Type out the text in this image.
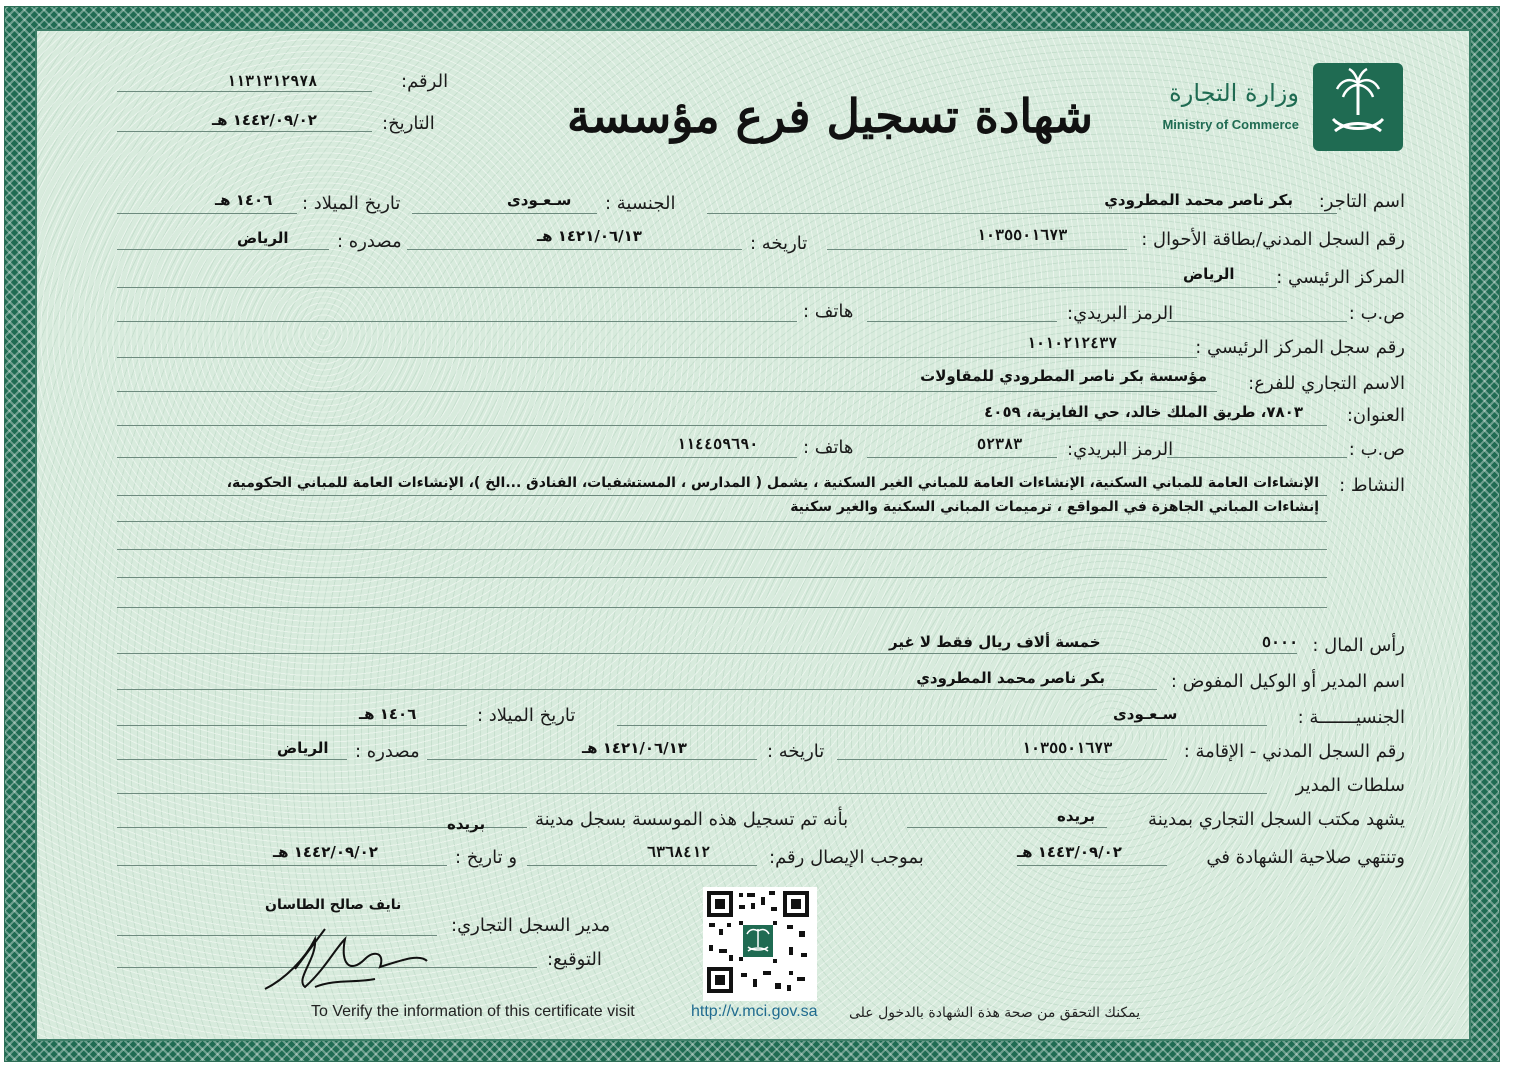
وزارة التجارة
Ministry of Commerce
شهادة تسجيل فرع مؤسسة
الرقم:
١١٣١٣١٢٩٧٨
التاريخ:
١٤٤٢/٠٩/٠٢ هـ
اسم التاجر:
بكر ناصر محمد المطرودي
الجنسية :
سـعـودى
تاريخ الميلاد :
١٤٠٦ هـ
رقم السجل المدني/بطاقة الأحوال :
١٠٣٥٥٠١٦٧٣
تاريخه :
١٤٢١/٠٦/١٣ هـ
مصدره :
الرياض
المركز الرئيسي :
الرياض
ص.ب :
الرمز البريدي:
هاتف :
رقم سجل المركز الرئيسي :
١٠١٠٢١٢٤٣٧
الاسم التجاري للفرع:
مؤسسة بكر ناصر المطرودي للمقاولات
العنوان:
٧٨٠٣، طريق الملك خالد، حي الفايزية، ٤٠٥٩
ص.ب :
الرمز البريدي:
٥٢٣٨٣
هاتف :
١١٤٤٥٩٦٩٠
النشاط :
الإنشاءات العامة للمباني السكنية، الإنشاءات العامة للمباني الغير السكنية ، يشمل ( المدارس ، المستشفيات، الفنادق ...الخ )، الإنشاءات العامة للمباني الحكومية،
إنشاءات المباني الجاهزة في المواقع ، ترميمات المباني السكنية والغير سكنية
رأس المال :
٥٠٠٠
خمسة ألاف ريال فقط لا غير
اسم المدير أو الوكيل المفوض :
بكر ناصر محمد المطرودي
الجنسيـــــــة :
سـعـودى
تاريخ الميلاد :
١٤٠٦ هـ
رقم السجل المدني - الإقامة :
١٠٣٥٥٠١٦٧٣
تاريخه :
١٤٢١/٠٦/١٣ هـ
مصدره :
الرياض
سلطات المدير
يشهد مكتب السجل التجاري بمدينة
بريده
بأنه تم تسجيل هذه الموسسة بسجل مدينة
بريده
وتنتهي صلاحية الشهادة في
١٤٤٣/٠٩/٠٢ هـ
بموجب الإيصال رقم:
٦٣٦٨٤١٢
و تاريخ :
١٤٤٢/٠٩/٠٢ هـ
نايف صالح الطاسان
مدير السجل التجاري:
التوقيع:
To Verify the information of this certificate visit	http://v.mci.gov.sa يمكنك التحقق من صحة هذة الشهادة بالدخول على
